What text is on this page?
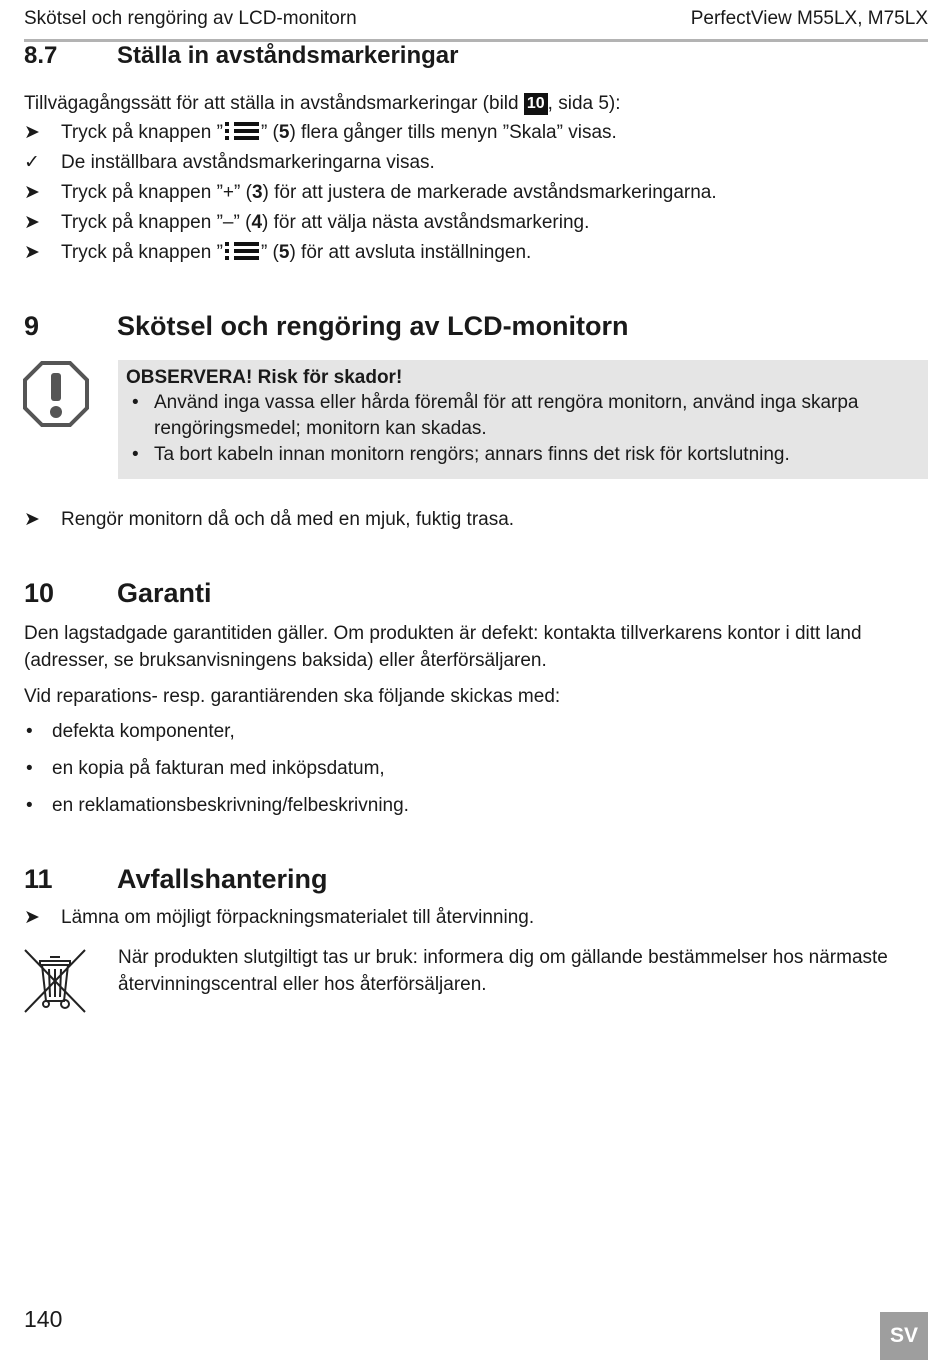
Skötsel och rengöring av LCD-monitorn	PerfectView M55LX, M75LX
8.7 Ställa in avståndsmarkeringar
Tillvägagångssätt för att ställa in avståndsmarkeringar (bild 10 , sida 5):
➤ Tryck på knappen ” ” (5) flera gånger tills menyn ”Skala” visas.
✓ De inställbara avståndsmarkeringarna visas.
➤ Tryck på knappen ”+” (3) för att justera de markerade avståndsmarkeringarna.
➤ Tryck på knappen ”–” (4) för att välja nästa avståndsmarkering.
➤ Tryck på knappen ” ” (5) för att avsluta inställningen.
9	Skötsel och rengöring av LCD-monitorn
OBSERVERA! Risk för skador!
• Använd inga vassa eller hårda föremål för att rengöra monitorn, använd inga skarpa rengöringsmedel; monitorn kan skadas.
• Ta bort kabeln innan monitorn rengörs; annars finns det risk för kortslutning.
➤ Rengör monitorn då och då med en mjuk, fuktig trasa.
10 Garanti
Den lagstadgade garantitiden gäller. Om produkten är defekt: kontakta tillverkarens kontor i ditt land (adresser, se bruksanvisningens baksida) eller återförsäljaren.
Vid reparations- resp. garantiärenden ska följande skickas med:
• defekta komponenter,
• en kopia på fakturan med inköpsdatum,
• en reklamationsbeskrivning/felbeskrivning.
11 Avfallshantering
➤ Lämna om möjligt förpackningsmaterialet till återvinning.
När produkten slutgiltigt tas ur bruk: informera dig om gällande bestämmelser hos närmaste återvinningscentral eller hos återförsäljaren.
140
SV
